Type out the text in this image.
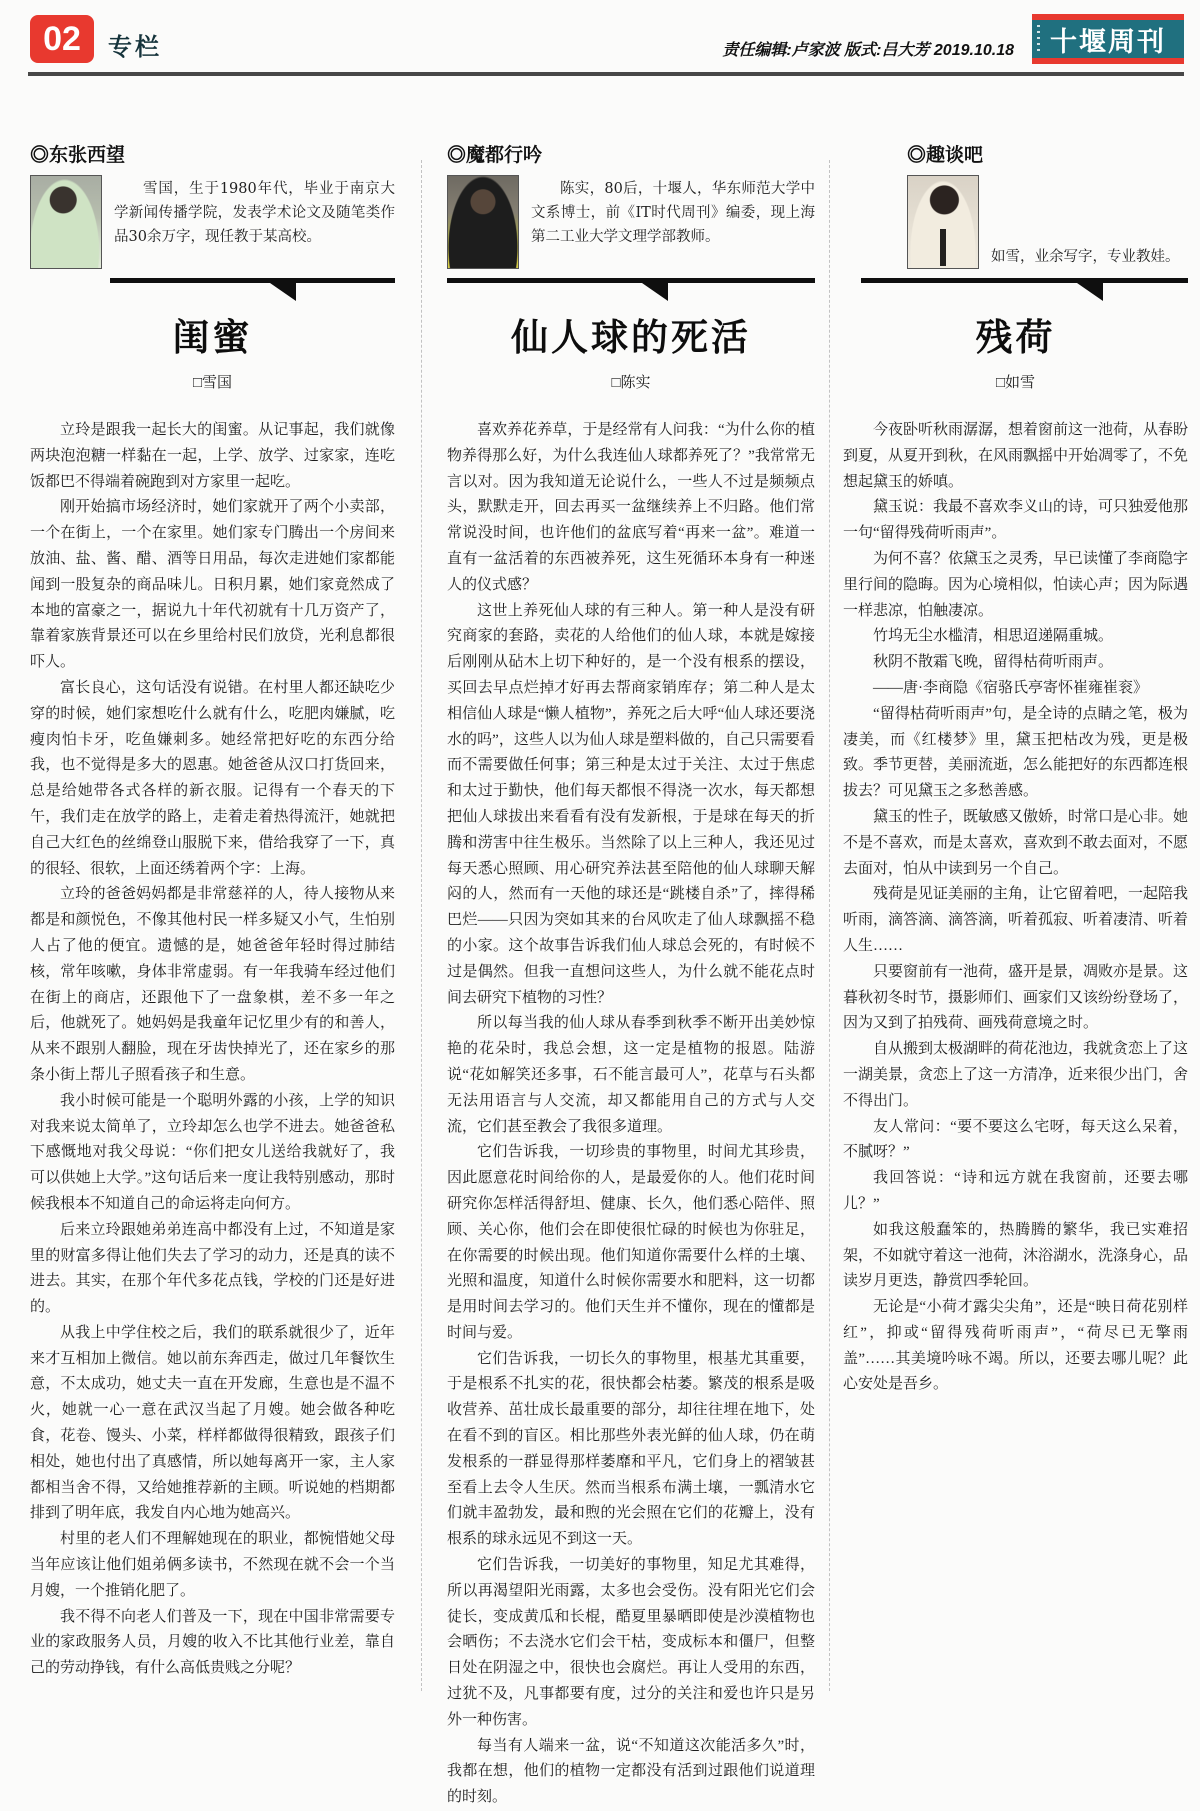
02	专栏	责任编辑:卢家波 版式:吕大芳 2019.10.18	十堰周刊
◎东张西望
雪国，生于1980年代，毕业于南京大学新闻传播学院，发表学术论文及随笔类作品30余万字，现任教于某高校。
闺蜜
□雪国

立玲是跟我一起长大的闺蜜。从记事起，我们就像两块泡泡糖一样黏在一起，上学、放学、过家家，连吃饭都巴不得端着碗跑到对方家里一起吃。

刚开始搞市场经济时，她们家就开了两个小卖部，一个在街上，一个在家里。她们家专门腾出一个房间来放油、盐、酱、醋、酒等日用品，每次走进她们家都能闻到一股复杂的商品味儿。日积月累，她们家竟然成了本地的富豪之一，据说九十年代初就有十几万资产了，靠着家族背景还可以在乡里给村民们放贷，光利息都很吓人。

富长良心，这句话没有说错。在村里人都还缺吃少穿的时候，她们家想吃什么就有什么，吃肥肉嫌腻，吃瘦肉怕卡牙，吃鱼嫌刺多。她经常把好吃的东西分给我，也不觉得是多大的恩惠。她爸爸从汉口打货回来，总是给她带各式各样的新衣服。记得有一个春天的下午，我们走在放学的路上，走着走着热得流汗，她就把自己大红色的丝绵登山服脱下来，借给我穿了一下，真的很轻、很软，上面还绣着两个字：上海。

立玲的爸爸妈妈都是非常慈祥的人，待人接物从来都是和颜悦色，不像其他村民一样多疑又小气，生怕别人占了他的便宜。遗憾的是，她爸爸年轻时得过肺结核，常年咳嗽，身体非常虚弱。有一年我骑车经过他们在街上的商店，还跟他下了一盘象棋，差不多一年之后，他就死了。她妈妈是我童年记忆里少有的和善人，从来不跟别人翻脸，现在牙齿快掉光了，还在家乡的那条小街上帮儿子照看孩子和生意。

我小时候可能是一个聪明外露的小孩，上学的知识对我来说太简单了，立玲却怎么也学不进去。她爸爸私下感慨地对我父母说：“你们把女儿送给我就好了，我可以供她上大学。”这句话后来一度让我特别感动，那时候我根本不知道自己的命运将走向何方。

后来立玲跟她弟弟连高中都没有上过，不知道是家里的财富多得让他们失去了学习的动力，还是真的读不进去。其实，在那个年代多花点钱，学校的门还是好进的。

从我上中学住校之后，我们的联系就很少了，近年来才互相加上微信。她以前东奔西走，做过几年餐饮生意，不太成功，她丈夫一直在开发廊，生意也是不温不火，她就一心一意在武汉当起了月嫂。她会做各种吃食，花卷、馒头、小菜，样样都做得很精致，跟孩子们相处，她也付出了真感情，所以她每离开一家，主人家都相当舍不得，又给她推荐新的主顾。听说她的档期都排到了明年底，我发自内心地为她高兴。

村里的老人们不理解她现在的职业，都惋惜她父母当年应该让他们姐弟俩多读书，不然现在就不会一个当月嫂，一个推销化肥了。

我不得不向老人们普及一下，现在中国非常需要专业的家政服务人员，月嫂的收入不比其他行业差，靠自己的劳动挣钱，有什么高低贵贱之分呢？

◎魔都行吟
陈实，80后，十堰人，华东师范大学中文系博士，前《IT时代周刊》编委，现上海第二工业大学文理学部教师。
仙人球的死活
□陈实

喜欢养花养草，于是经常有人问我：“为什么你的植物养得那么好，为什么我连仙人球都养死了？”我常常无言以对。因为我知道无论说什么，一些人不过是频频点头，默默走开，回去再买一盆继续养上不归路。他们常常说没时间，也许他们的盆底写着“再来一盆”。难道一直有一盆活着的东西被养死，这生死循环本身有一种迷人的仪式感？

这世上养死仙人球的有三种人。第一种人是没有研究商家的套路，卖花的人给他们的仙人球，本就是嫁接后刚刚从砧木上切下种好的，是一个没有根系的摆设，买回去早点烂掉才好再去帮商家销库存；第二种人是太相信仙人球是“懒人植物”，养死之后大呼“仙人球还要浇水的吗”，这些人以为仙人球是塑料做的，自己只需要看而不需要做任何事；第三种是太过于关注、太过于焦虑和太过于勤快，他们每天都恨不得浇一次水，每天都想把仙人球拔出来看看有没有发新根，于是球在每天的折腾和涝害中往生极乐。当然除了以上三种人，我还见过每天悉心照顾、用心研究养法甚至陪他的仙人球聊天解闷的人，然而有一天他的球还是“跳楼自杀”了，摔得稀巴烂——只因为突如其来的台风吹走了仙人球飘摇不稳的小家。这个故事告诉我们仙人球总会死的，有时候不过是偶然。但我一直想问这些人，为什么就不能花点时间去研究下植物的习性？

所以每当我的仙人球从春季到秋季不断开出美妙惊艳的花朵时，我总会想，这一定是植物的报恩。陆游说“花如解笑还多事，石不能言最可人”，花草与石头都无法用语言与人交流，却又都能用自己的方式与人交流，它们甚至教会了我很多道理。

它们告诉我，一切珍贵的事物里，时间尤其珍贵，因此愿意花时间给你的人，是最爱你的人。他们花时间研究你怎样活得舒坦、健康、长久，他们悉心陪伴、照顾、关心你，他们会在即使很忙碌的时候也为你驻足，在你需要的时候出现。他们知道你需要什么样的土壤、光照和温度，知道什么时候你需要水和肥料，这一切都是用时间去学习的。他们天生并不懂你，现在的懂都是时间与爱。

它们告诉我，一切长久的事物里，根基尤其重要，于是根系不扎实的花，很快都会枯萎。繁茂的根系是吸收营养、茁壮成长最重要的部分，却往往埋在地下，处在看不到的盲区。相比那些外表光鲜的仙人球，仍在萌发根系的一群显得那样萎靡和平凡，它们身上的褶皱甚至看上去令人生厌。然而当根系布满土壤，一瓢清水它们就丰盈勃发，最和煦的光会照在它们的花瓣上，没有根系的球永远见不到这一天。

它们告诉我，一切美好的事物里，知足尤其难得，所以再渴望阳光雨露，太多也会受伤。没有阳光它们会徒长，变成黄瓜和长棍，酷夏里暴晒即使是沙漠植物也会晒伤；不去浇水它们会干枯，变成标本和僵尸，但整日处在阴湿之中，很快也会腐烂。再让人受用的东西，过犹不及，凡事都要有度，过分的关注和爱也许只是另外一种伤害。

每当有人端来一盆，说“不知道这次能活多久”时，我都在想，他们的植物一定都没有活到过跟他们说道理的时刻。

◎趣谈吧
如雪，业余写字，专业教娃。
残荷
□如雪

今夜卧听秋雨潺潺，想着窗前这一池荷，从春盼到夏，从夏开到秋，在风雨飘摇中开始凋零了，不免想起黛玉的娇嗔。

黛玉说：我最不喜欢李义山的诗，可只独爱他那一句“留得残荷听雨声”。

为何不喜？依黛玉之灵秀，早已读懂了李商隐字里行间的隐晦。因为心境相似，怕读心声；因为际遇一样悲凉，怕触凄凉。

竹坞无尘水槛清，相思迢递隔重城。

秋阴不散霜飞晚，留得枯荷听雨声。

——唐·李商隐《宿骆氏亭寄怀崔雍崔衮》

“留得枯荷听雨声”句，是全诗的点睛之笔，极为凄美，而《红楼梦》里，黛玉把枯改为残，更是极致。季节更替，美丽流逝，怎么能把好的东西都连根拔去？可见黛玉之多愁善感。

黛玉的性子，既敏感又傲娇，时常口是心非。她不是不喜欢，而是太喜欢，喜欢到不敢去面对，不愿去面对，怕从中读到另一个自己。

残荷是见证美丽的主角，让它留着吧，一起陪我听雨，滴答滴、滴答滴，听着孤寂、听着凄清、听着人生……

只要窗前有一池荷，盛开是景，凋败亦是景。这暮秋初冬时节，摄影师们、画家们又该纷纷登场了，因为又到了拍残荷、画残荷意境之时。

自从搬到太极湖畔的荷花池边，我就贪恋上了这一湖美景，贪恋上了这一方清净，近来很少出门，舍不得出门。

友人常问：“要不要这么宅呀，每天这么呆着，不腻呀？”

我回答说：“诗和远方就在我窗前，还要去哪儿？”

如我这般蠢笨的，热腾腾的繁华，我已实难招架，不如就守着这一池荷，沐浴湖水，洗涤身心，品读岁月更迭，静赏四季轮回。

无论是“小荷才露尖尖角”，还是“映日荷花别样红”，抑或“留得残荷听雨声”，“荷尽已无擎雨盖”……其美境吟咏不竭。所以，还要去哪儿呢？此心安处是吾乡。
